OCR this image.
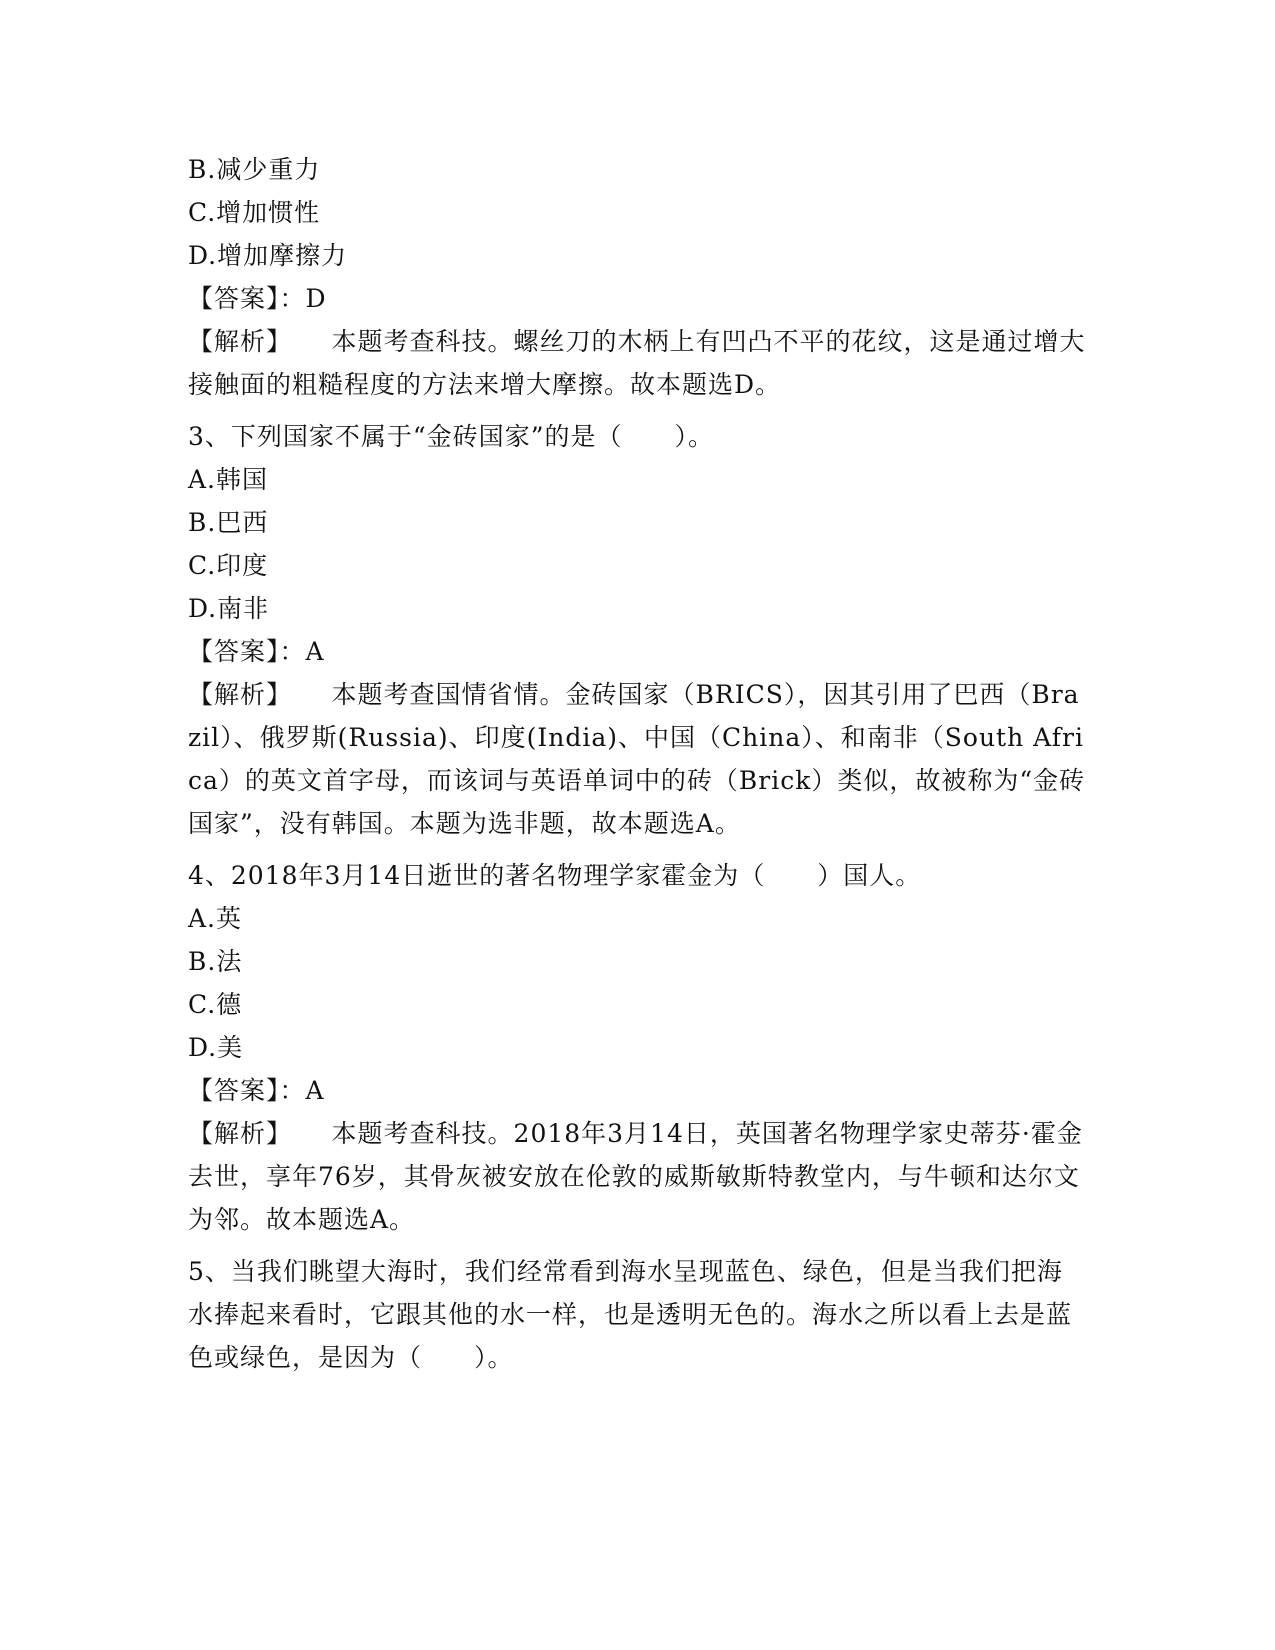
B.减少重力
C.增加惯性
D.增加摩擦力
【答案】：D
【解析】　　 本题考查科技。螺丝刀的木柄上有凹凸不平的花纹，这是通过增大接触面的粗糙程度的方法来增大摩擦。故本题选D。
3、下列国家不属于“金砖国家”的是（　　）。
A.韩国
B.巴西
C.印度
D.南非
【答案】：A
【解析】　　 本题考查国情省情。金砖国家（BRICS），因其引用了巴西（Brazil）、俄罗斯(Russia)、印度(India)、中国（China）、和南非（South Africa）的英文首字母，而该词与英语单词中的砖（Brick）类似，故被称为“金砖国家”，没有韩国。本题为选非题，故本题选A。
4、2018年3月14日逝世的著名物理学家霍金为（　　）国人。
A.英
B.法
C.德
D.美
【答案】：A
【解析】　　 本题考查科技。2018年3月14日，英国著名物理学家史蒂芬·霍金去世，享年76岁，其骨灰被安放在伦敦的威斯敏斯特教堂内，与牛顿和达尔文为邻。故本题选A。
5、当我们眺望大海时，我们经常看到海水呈现蓝色、绿色，但是当我们把海水捧起来看时，它跟其他的水一样，也是透明无色的。海水之所以看上去是蓝色或绿色，是因为（　　）。
